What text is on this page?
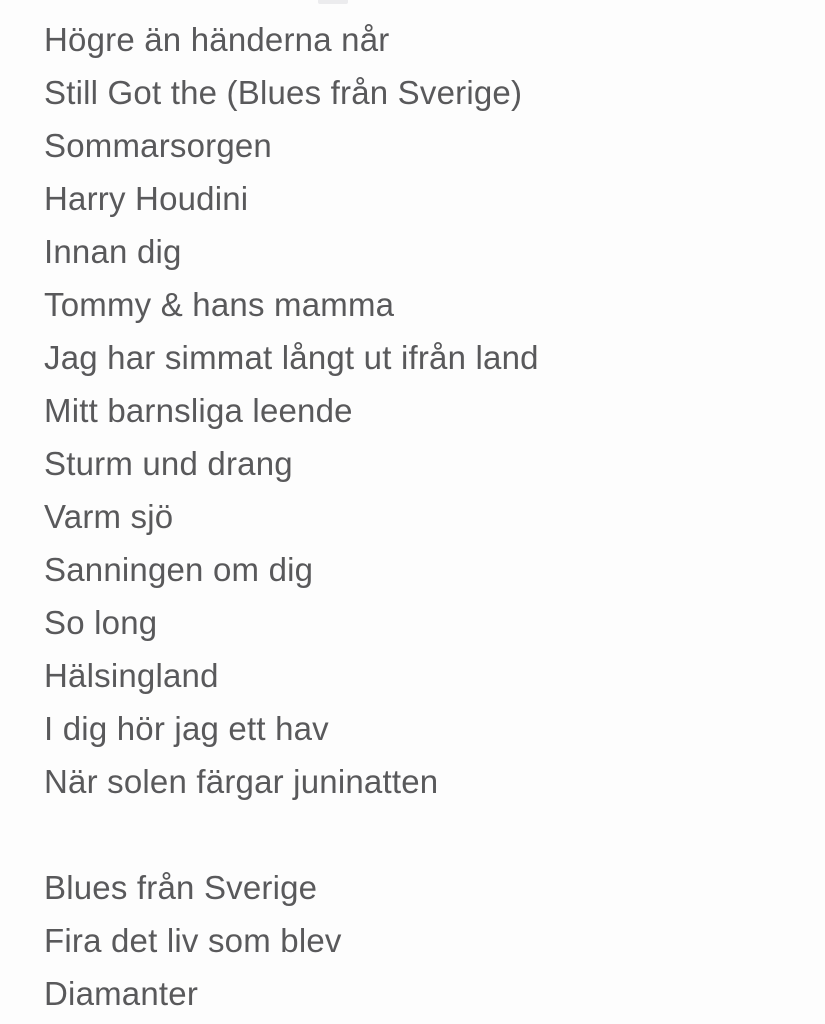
Högre än händerna når
Still Got the (Blues från Sverige)
Sommarsorgen
Harry Houdini
Innan dig
Tommy & hans mamma
Jag har simmat långt ut ifrån land
Mitt barnsliga leende
Sturm und drang
Varm sjö
Sanningen om dig
So long
Hälsingland
I dig hör jag ett hav
När solen färgar juninatten
Blues från Sverige
Fira det liv som blev
Diamanter
